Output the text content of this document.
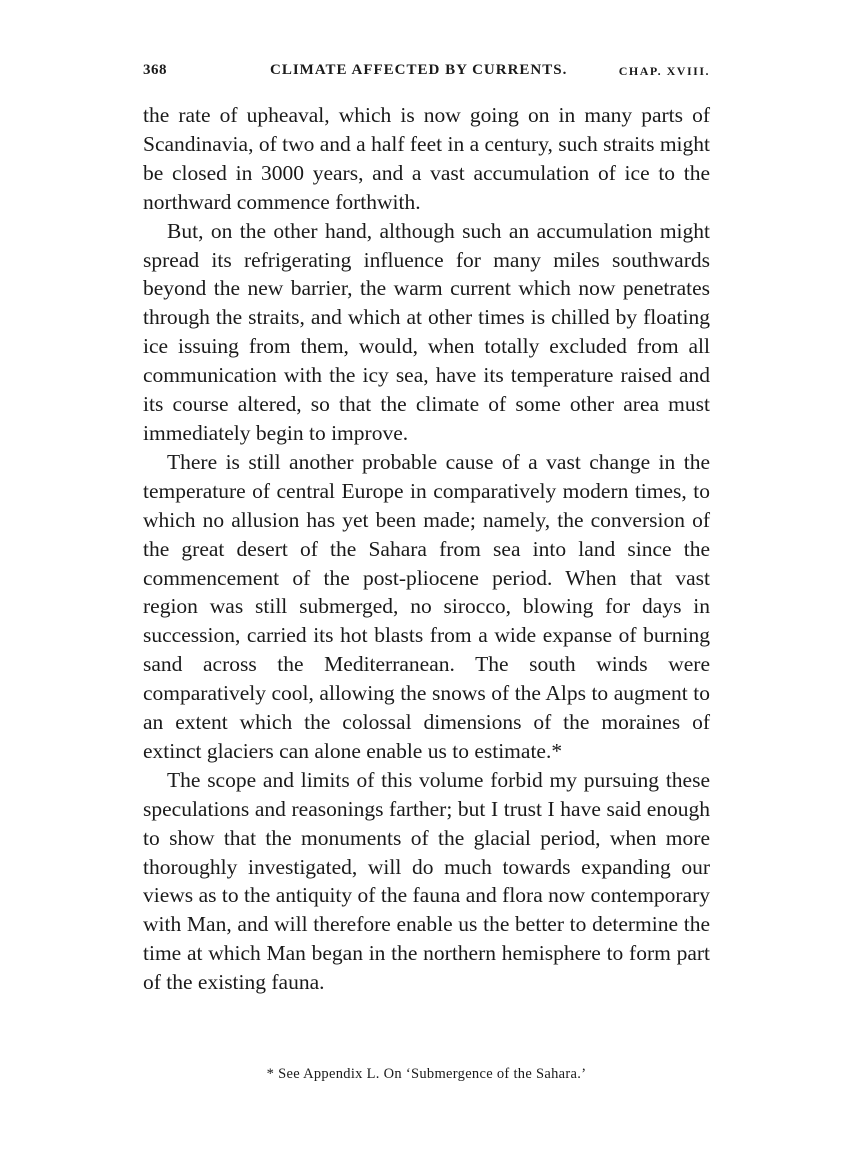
368	CLIMATE AFFECTED BY CURRENTS.	CHAP. XVIII.

the rate of upheaval, which is now going on in many parts of Scandinavia, of two and a half feet in a century, such straits might be closed in 3000 years, and a vast accumulation of ice to the northward commence forthwith.

But, on the other hand, although such an accumulation might spread its refrigerating influence for many miles southwards beyond the new barrier, the warm current which now penetrates through the straits, and which at other times is chilled by floating ice issuing from them, would, when totally excluded from all communication with the icy sea, have its temperature raised and its course altered, so that the climate of some other area must immediately begin to improve.

There is still another probable cause of a vast change in the temperature of central Europe in comparatively modern times, to which no allusion has yet been made; namely, the conversion of the great desert of the Sahara from sea into land since the commencement of the post-pliocene period. When that vast region was still submerged, no sirocco, blowing for days in succession, carried its hot blasts from a wide expanse of burning sand across the Mediterranean. The south winds were comparatively cool, allowing the snows of the Alps to augment to an extent which the colossal dimensions of the moraines of extinct glaciers can alone enable us to estimate.*

The scope and limits of this volume forbid my pursuing these speculations and reasonings farther; but I trust I have said enough to show that the monuments of the glacial period, when more thoroughly investigated, will do much towards expanding our views as to the antiquity of the fauna and flora now contemporary with Man, and will therefore enable us the better to determine the time at which Man began in the northern hemisphere to form part of the existing fauna.

* See Appendix L. On ‘Submergence of the Sahara.’
